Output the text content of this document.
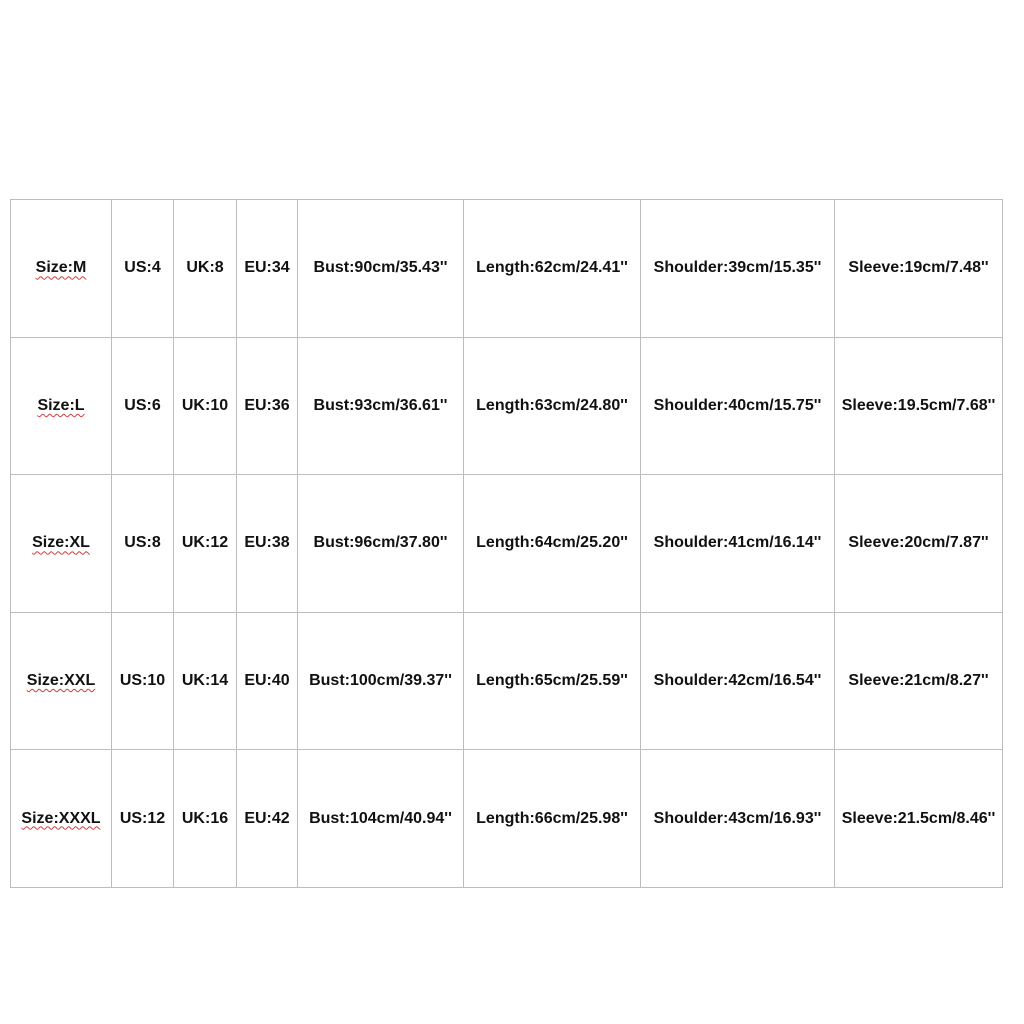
Size:M	US:4	UK:8	EU:34	Bust:90cm/35.43''	Length:62cm/24.41''	Shoulder:39cm/15.35''	Sleeve:19cm/7.48''
Size:L	US:6	UK:10	EU:36	Bust:93cm/36.61''	Length:63cm/24.80''	Shoulder:40cm/15.75''	Sleeve:19.5cm/7.68''
Size:XL	US:8	UK:12	EU:38	Bust:96cm/37.80''	Length:64cm/25.20''	Shoulder:41cm/16.14''	Sleeve:20cm/7.87''
Size:XXL	US:10	UK:14	EU:40	Bust:100cm/39.37''	Length:65cm/25.59''	Shoulder:42cm/16.54''	Sleeve:21cm/8.27''
Size:XXXL	US:12	UK:16	EU:42	Bust:104cm/40.94''	Length:66cm/25.98''	Shoulder:43cm/16.93''	Sleeve:21.5cm/8.46''
